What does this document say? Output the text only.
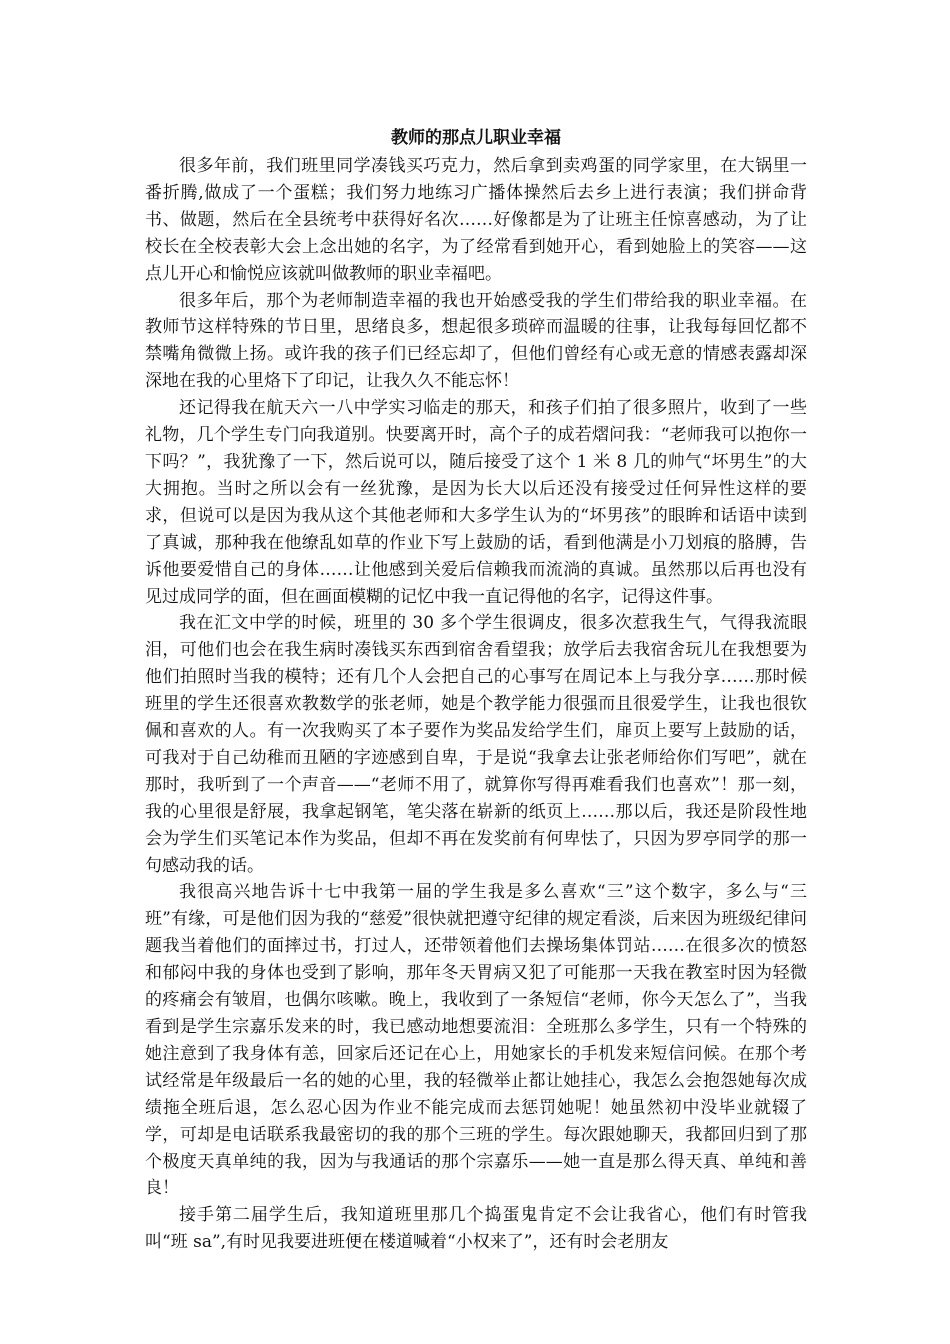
教师的那点儿职业幸福

很多年前，我们班里同学凑钱买巧克力，然后拿到卖鸡蛋的同学家里，在大锅里一番折腾,做成了一个蛋糕；我们努力地练习广播体操然后去乡上进行表演；我们拼命背书、做题，然后在全县统考中获得好名次……好像都是为了让班主任惊喜感动，为了让校长在全校表彰大会上念出她的名字，为了经常看到她开心，看到她脸上的笑容——这点儿开心和愉悦应该就叫做教师的职业幸福吧。

很多年后，那个为老师制造幸福的我也开始感受我的学生们带给我的职业幸福。在教师节这样特殊的节日里，思绪良多，想起很多琐碎而温暖的往事，让我每每回忆都不禁嘴角微微上扬。或许我的孩子们已经忘却了，但他们曾经有心或无意的情感表露却深深地在我的心里烙下了印记，让我久久不能忘怀！

还记得我在航天六一八中学实习临走的那天，和孩子们拍了很多照片，收到了一些礼物，几个学生专门向我道别。快要离开时，高个子的成若熠问我：“老师我可以抱你一下吗？”，我犹豫了一下，然后说可以，随后接受了这个 1 米 8 几的帅气“坏男生”的大大拥抱。当时之所以会有一丝犹豫，是因为长大以后还没有接受过任何异性这样的要求，但说可以是因为我从这个其他老师和大多学生认为的“坏男孩”的眼眸和话语中读到了真诚，那种我在他缭乱如草的作业下写上鼓励的话，看到他满是小刀划痕的胳膊，告诉他要爱惜自己的身体……让他感到关爱后信赖我而流淌的真诚。虽然那以后再也没有见过成同学的面，但在画面模糊的记忆中我一直记得他的名字，记得这件事。

我在汇文中学的时候，班里的 30 多个学生很调皮，很多次惹我生气，气得我流眼泪，可他们也会在我生病时凑钱买东西到宿舍看望我；放学后去我宿舍玩儿在我想要为他们拍照时当我的模特；还有几个人会把自己的心事写在周记本上与我分享……那时候班里的学生还很喜欢教数学的张老师，她是个教学能力很强而且很爱学生，让我也很钦佩和喜欢的人。有一次我购买了本子要作为奖品发给学生们，扉页上要写上鼓励的话，可我对于自己幼稚而丑陋的字迹感到自卑，于是说“我拿去让张老师给你们写吧”，就在那时，我听到了一个声音——“老师不用了，就算你写得再难看我们也喜欢”！那一刻，我的心里很是舒展，我拿起钢笔，笔尖落在崭新的纸页上……那以后，我还是阶段性地会为学生们买笔记本作为奖品，但却不再在发奖前有何卑怯了，只因为罗亭同学的那一句感动我的话。

我很高兴地告诉十七中我第一届的学生我是多么喜欢“三”这个数字，多么与“三班”有缘，可是他们因为我的“慈爱”很快就把遵守纪律的规定看淡，后来因为班级纪律问题我当着他们的面摔过书，打过人，还带领着他们去操场集体罚站……在很多次的愤怒和郁闷中我的身体也受到了影响，那年冬天胃病又犯了可能那一天我在教室时因为轻微的疼痛会有皱眉，也偶尔咳嗽。晚上，我收到了一条短信“老师，你今天怎么了”，当我看到是学生宗嘉乐发来的时，我已感动地想要流泪：全班那么多学生，只有一个特殊的她注意到了我身体有恙，回家后还记在心上，用她家长的手机发来短信问候。在那个考试经常是年级最后一名的她的心里，我的轻微举止都让她挂心，我怎么会抱怨她每次成绩拖全班后退，怎么忍心因为作业不能完成而去惩罚她呢！她虽然初中没毕业就辍了学，可却是电话联系我最密切的我的那个三班的学生。每次跟她聊天，我都回归到了那个极度天真单纯的我，因为与我通话的那个宗嘉乐——她一直是那么得天真、单纯和善良！

接手第二届学生后，我知道班里那几个捣蛋鬼肯定不会让我省心，他们有时管我叫“班 sa”,有时见我要进班便在楼道喊着“小权来了”，还有时会老朋友
